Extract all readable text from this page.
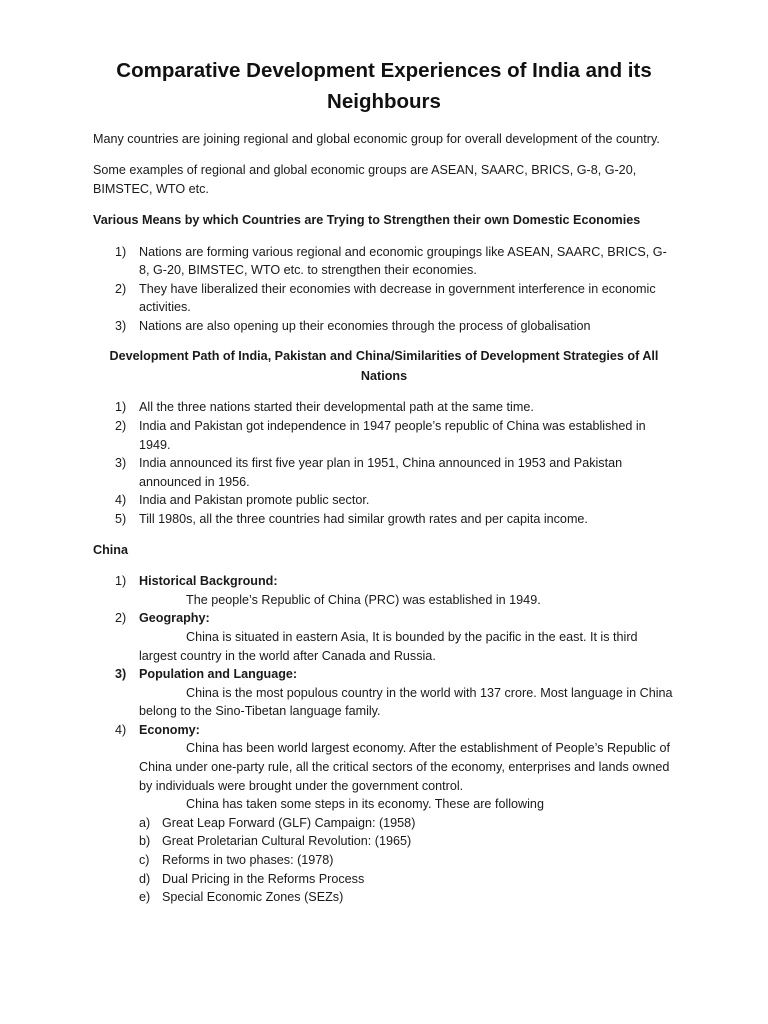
Comparative Development Experiences of India and its Neighbours

Many countries are joining regional and global economic group for overall development of the country.

Some examples of regional and global economic groups are ASEAN, SAARC, BRICS, G-8, G-20, BIMSTEC, WTO etc.

Various Means by which Countries are Trying to Strengthen their own Domestic Economies
1) Nations are forming various regional and economic groupings like ASEAN, SAARC, BRICS, G-8, G-20, BIMSTEC, WTO etc. to strengthen their economies.
2) They have liberalized their economies with decrease in government interference in economic activities.
3) Nations are also opening up their economies through the process of globalisation
Development Path of India, Pakistan and China/Similarities of Development Strategies of All Nations
1) All the three nations started their developmental path at the same time.
2) India and Pakistan got independence in 1947 people’s republic of China was established in 1949.
3) India announced its first five year plan in 1951, China announced in 1953 and Pakistan announced in 1956.
4) India and Pakistan promote public sector.
5) Till 1980s, all the three countries had similar growth rates and per capita income.
China
1) Historical Background:
The people’s Republic of China (PRC) was established in 1949.
2) Geography:
China is situated in eastern Asia, It is bounded by the pacific in the east. It is third largest country in the world after Canada and Russia.
3) Population and Language:
China is the most populous country in the world with 137 crore. Most language in China belong to the Sino-Tibetan language family.
4) Economy:
China has been world largest economy. After the establishment of People’s Republic of China under one-party rule, all the critical sectors of the economy, enterprises and lands owned by individuals were brought under the government control.
China has taken some steps in its economy. These are following
a) Great Leap Forward (GLF) Campaign: (1958)
b) Great Proletarian Cultural Revolution: (1965)
c) Reforms in two phases: (1978)
d) Dual Pricing in the Reforms Process
e) Special Economic Zones (SEZs)
